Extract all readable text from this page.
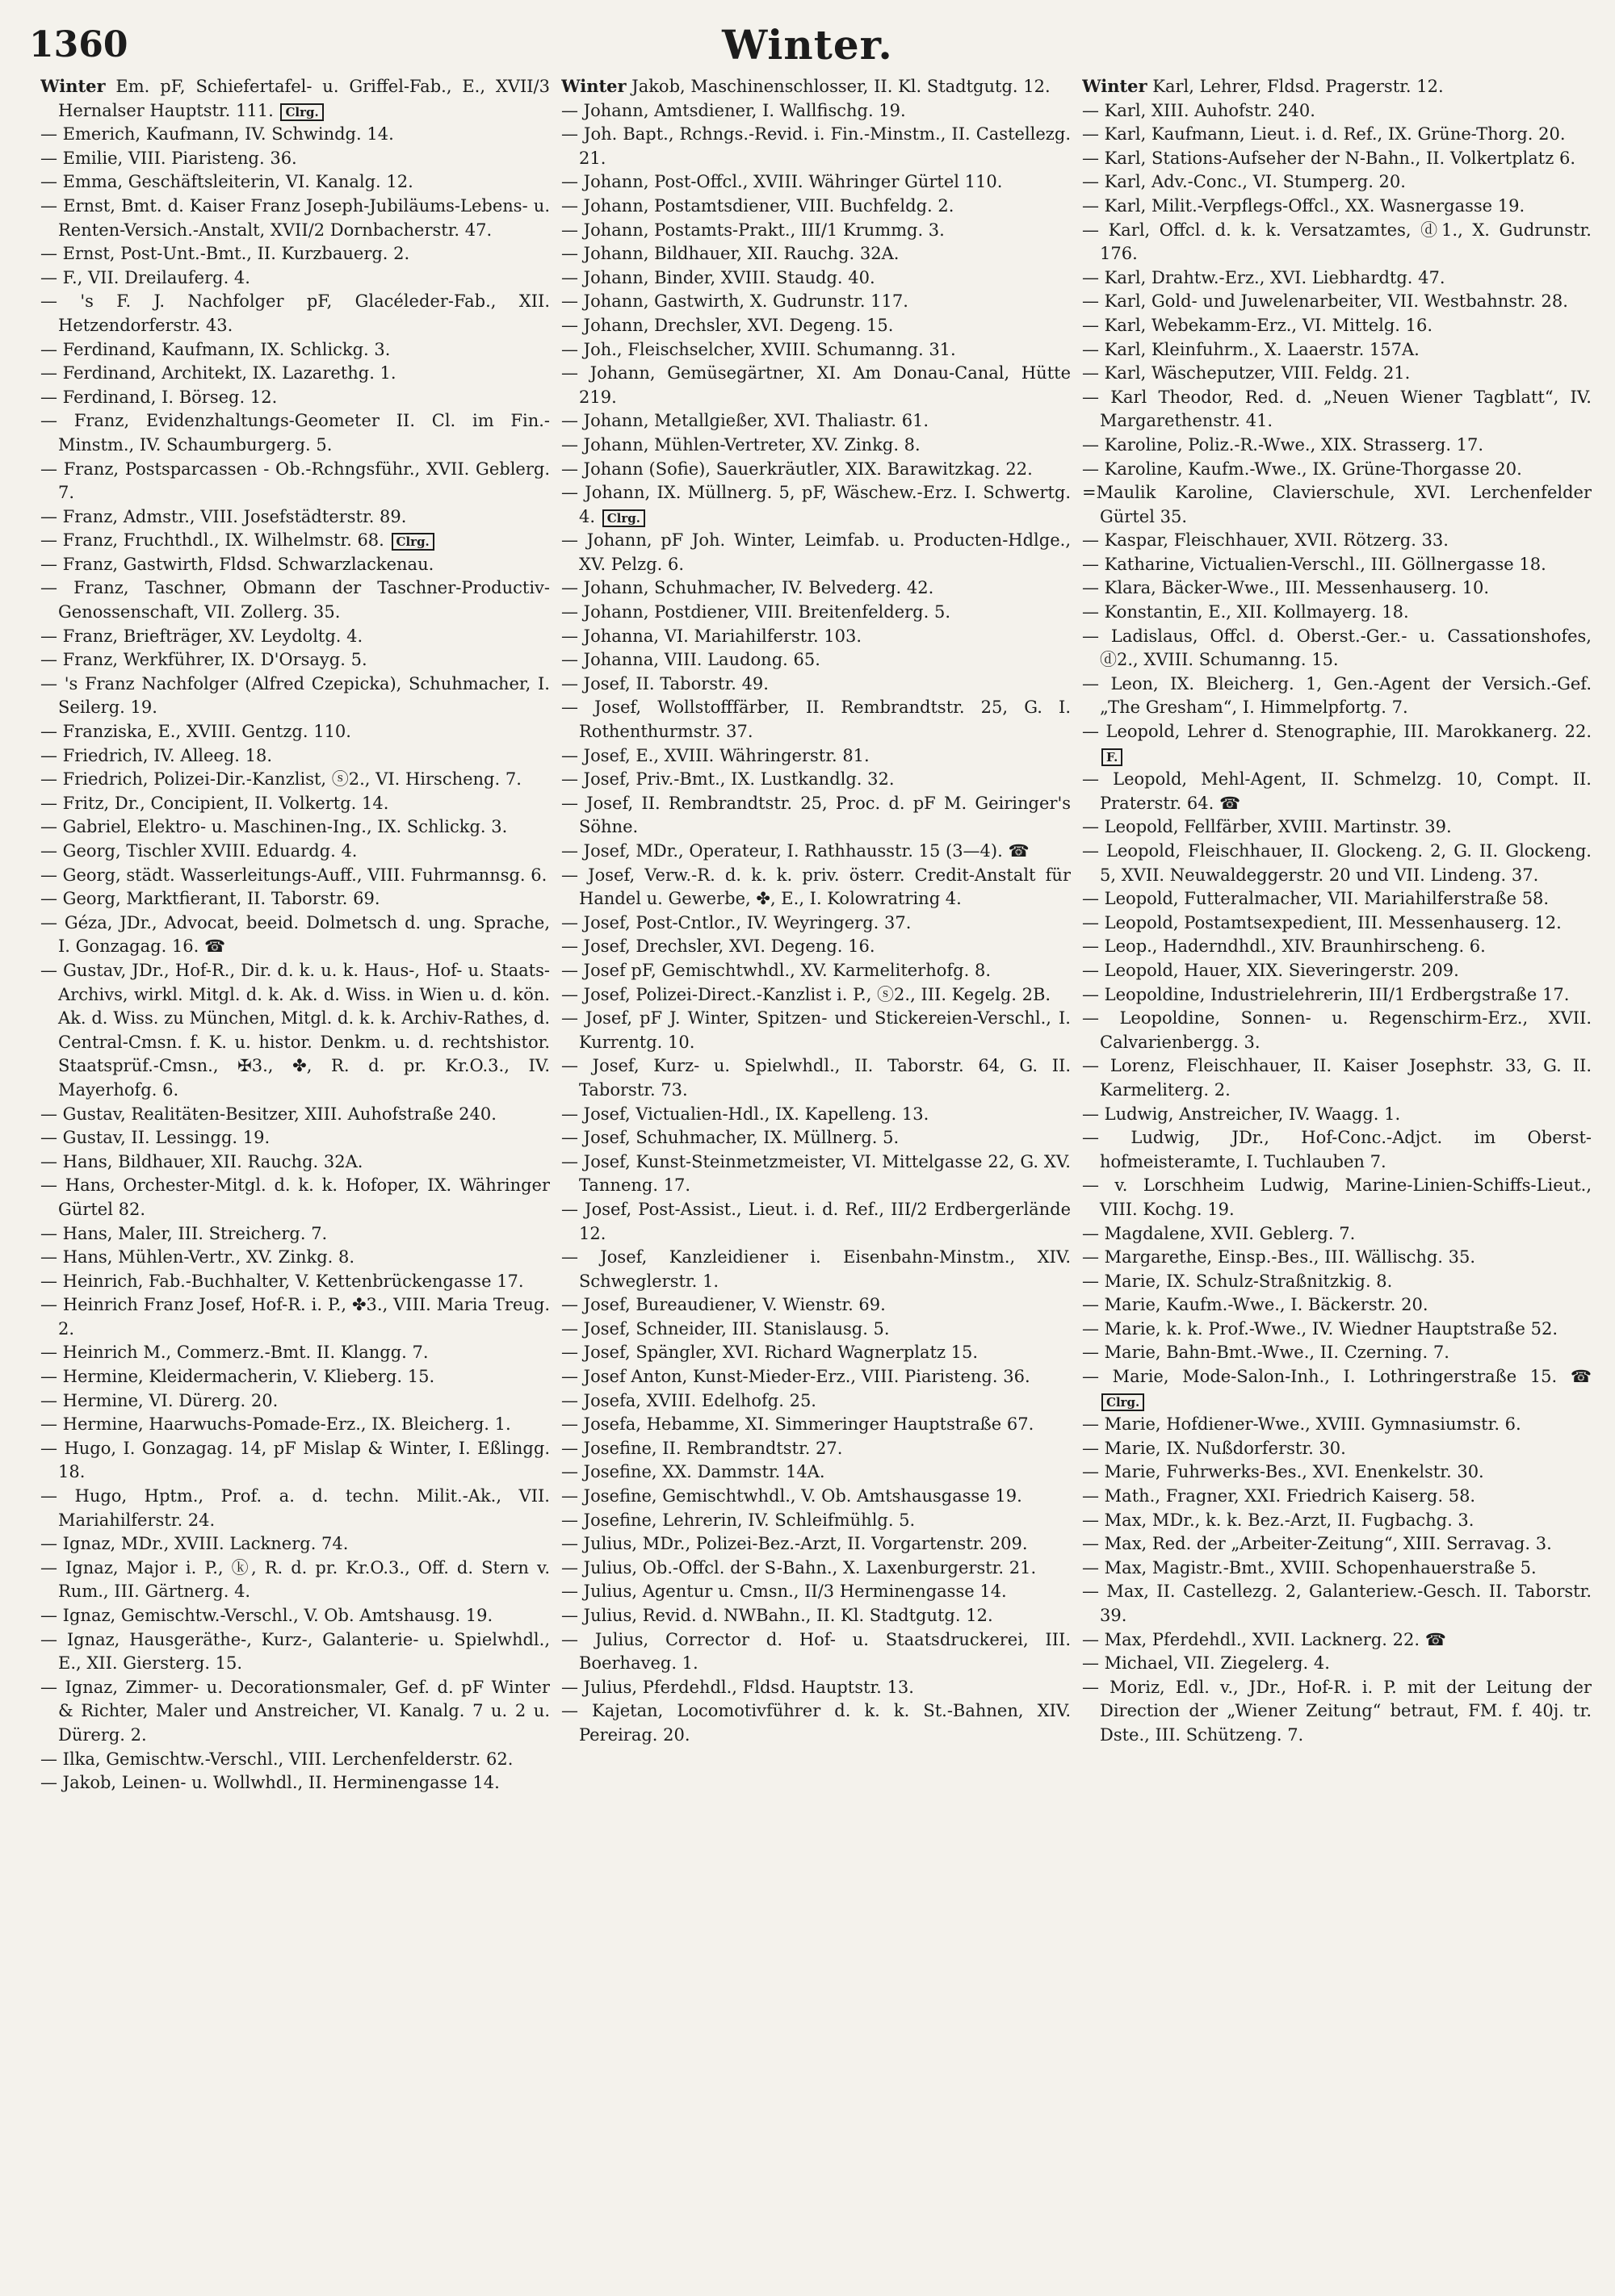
1360	Winter.

Winter Em. pF, Schiefertafel- u. Griffel-Fab., E., XVII/3 Hernalser Hauptstr. 111. Clrg.

— Emerich, Kaufmann, IV. Schwindg. 14.

— Emilie, VIII. Piaristeng. 36.

— Emma, Geschäftsleiterin, VI. Kanalg. 12.

— Ernst, Bmt. d. Kaiser Franz Joseph-Jubiläums-Lebens- u. Renten-Versich.-Anstalt, XVII/2 Dornbacherstr. 47.

— Ernst, Post-Unt.-Bmt., II. Kurzbauerg. 2.

— F., VII. Dreilauferg. 4.

— 's F. J. Nachfolger pF, Glacéleder-Fab., XII. Hetzendorferstr. 43.

— Ferdinand, Kaufmann, IX. Schlickg. 3.

— Ferdinand, Architekt, IX. Lazarethg. 1.

— Ferdinand, I. Börseg. 12.

— Franz, Evidenzhaltungs-Geometer II. Cl. im Fin.-Minstm., IV. Schaumburgerg. 5.

— Franz, Postsparcassen - Ob.-Rchngsführ., XVII. Geblerg. 7.

— Franz, Admstr., VIII. Josefstädterstr. 89.

— Franz, Fruchthdl., IX. Wilhelmstr. 68. Clrg.

— Franz, Gastwirth, Fldsd. Schwarzlackenau.

— Franz, Taschner, Obmann der Taschner-Productiv-Genossenschaft, VII. Zollerg. 35.

— Franz, Briefträger, XV. Leydoltg. 4.

— Franz, Werkführer, IX. D'Orsayg. 5.

— 's Franz Nachfolger (Alfred Czepicka), Schuhmacher, I. Seilerg. 19.

— Franziska, E., XVIII. Gentzg. 110.

— Friedrich, IV. Alleeg. 18.

— Friedrich, Polizei-Dir.-Kanzlist, ⓢ2., VI. Hirscheng. 7.

— Fritz, Dr., Concipient, II. Volkertg. 14.

— Gabriel, Elektro- u. Maschinen-Ing., IX. Schlickg. 3.

— Georg, Tischler XVIII. Eduardg. 4.

— Georg, städt. Wasserleitungs-Auff., VIII. Fuhrmannsg. 6.

— Georg, Marktfierant, II. Taborstr. 69.

— Géza, JDr., Advocat, beeid. Dolmetsch d. ung. Sprache, I. Gonzagag. 16. ☎

— Gustav, JDr., Hof-R., Dir. d. k. u. k. Haus-, Hof- u. Staats-Archivs, wirkl. Mitgl. d. k. Ak. d. Wiss. in Wien u. d. kön. Ak. d. Wiss. zu München, Mitgl. d. k. k. Archiv-Rathes, d. Central-Cmsn. f. K. u. histor. Denkm. u. d. rechtshistor. Staatsprüf.-Cmsn., ✠3., ✤, R. d. pr. Kr.O.3., IV. Mayerhofg. 6.

— Gustav, Realitäten-Besitzer, XIII. Auhofstraße 240.

— Gustav, II. Lessingg. 19.

— Hans, Bildhauer, XII. Rauchg. 32A.

— Hans, Orchester-Mitgl. d. k. k. Hofoper, IX. Währinger Gürtel 82.

— Hans, Maler, III. Streicherg. 7.

— Hans, Mühlen-Vertr., XV. Zinkg. 8.

— Heinrich, Fab.-Buchhalter, V. Kettenbrückengasse 17.

— Heinrich Franz Josef, Hof-R. i. P., ✤3., VIII. Maria Treug. 2.

— Heinrich M., Commerz.-Bmt. II. Klangg. 7.

— Hermine, Kleidermacherin, V. Klieberg. 15.

— Hermine, VI. Dürerg. 20.

— Hermine, Haarwuchs-Pomade-Erz., IX. Bleicherg. 1.

— Hugo, I. Gonzagag. 14, pF Mislap & Winter, I. Eßlingg. 18.

— Hugo, Hptm., Prof. a. d. techn. Milit.-Ak., VII. Mariahilferstr. 24.

— Ignaz, MDr., XVIII. Lacknerg. 74.

— Ignaz, Major i. P., ⓚ, R. d. pr. Kr.O.3., Off. d. Stern v. Rum., III. Gärtnerg. 4.

— Ignaz, Gemischtw.-Verschl., V. Ob. Amtshausg. 19.

— Ignaz, Hausgeräthe-, Kurz-, Galanterie- u. Spielwhdl., E., XII. Giersterg. 15.

— Ignaz, Zimmer- u. Decorationsmaler, Gef. d. pF Winter & Richter, Maler und Anstreicher, VI. Kanalg. 7 u. 2 u. Dürerg. 2.

— Ilka, Gemischtw.-Verschl., VIII. Lerchenfelderstr. 62.

— Jakob, Leinen- u. Wollwhdl., II. Herminengasse 14.

Winter Jakob, Maschinenschlosser, II. Kl. Stadtgutg. 12.

— Johann, Amtsdiener, I. Wallfischg. 19.

— Joh. Bapt., Rchngs.-Revid. i. Fin.-Minstm., II. Castellezg. 21.

— Johann, Post-Offcl., XVIII. Währinger Gürtel 110.

— Johann, Postamtsdiener, VIII. Buchfeldg. 2.

— Johann, Postamts-Prakt., III/1 Krummg. 3.

— Johann, Bildhauer, XII. Rauchg. 32A.

— Johann, Binder, XVIII. Staudg. 40.

— Johann, Gastwirth, X. Gudrunstr. 117.

— Johann, Drechsler, XVI. Degeng. 15.

— Joh., Fleischselcher, XVIII. Schumanng. 31.

— Johann, Gemüsegärtner, XI. Am Donau-Canal, Hütte 219.

— Johann, Metallgießer, XVI. Thaliastr. 61.

— Johann, Mühlen-Vertreter, XV. Zinkg. 8.

— Johann (Sofie), Sauerkräutler, XIX. Barawitzkag. 22.

— Johann, IX. Müllnerg. 5, pF, Wäschew.-Erz. I. Schwertg. 4. Clrg.

— Johann, pF Joh. Winter, Leimfab. u. Producten-Hdlge., XV. Pelzg. 6.

— Johann, Schuhmacher, IV. Belvederg. 42.

— Johann, Postdiener, VIII. Breitenfelderg. 5.

— Johanna, VI. Mariahilferstr. 103.

— Johanna, VIII. Laudong. 65.

— Josef, II. Taborstr. 49.

— Josef, Wollstofffärber, II. Rembrandtstr. 25, G. I. Rothenthurmstr. 37.

— Josef, E., XVIII. Währingerstr. 81.

— Josef, Priv.-Bmt., IX. Lustkandlg. 32.

— Josef, II. Rembrandtstr. 25, Proc. d. pF M. Geiringer's Söhne.

— Josef, MDr., Operateur, I. Rathhausstr. 15 (3—4). ☎

— Josef, Verw.-R. d. k. k. priv. österr. Credit-Anstalt für Handel u. Gewerbe, ✤, E., I. Kolowratring 4.

— Josef, Post-Cntlor., IV. Weyringerg. 37.

— Josef, Drechsler, XVI. Degeng. 16.

— Josef pF, Gemischtwhdl., XV. Karmeliterhofg. 8.

— Josef, Polizei-Direct.-Kanzlist i. P., ⓢ2., III. Kegelg. 2B.

— Josef, pF J. Winter, Spitzen- und Stickereien-Verschl., I. Kurrentg. 10.

— Josef, Kurz- u. Spielwhdl., II. Taborstr. 64, G. II. Taborstr. 73.

— Josef, Victualien-Hdl., IX. Kapelleng. 13.

— Josef, Schuhmacher, IX. Müllnerg. 5.

— Josef, Kunst-Steinmetzmeister, VI. Mittelgasse 22, G. XV. Tanneng. 17.

— Josef, Post-Assist., Lieut. i. d. Ref., III/2 Erdbergerlände 12.

— Josef, Kanzleidiener i. Eisenbahn-Minstm., XIV. Schweglerstr. 1.

— Josef, Bureaudiener, V. Wienstr. 69.

— Josef, Schneider, III. Stanislausg. 5.

— Josef, Spängler, XVI. Richard Wagnerplatz 15.

— Josef Anton, Kunst-Mieder-Erz., VIII. Piaristeng. 36.

— Josefa, XVIII. Edelhofg. 25.

— Josefa, Hebamme, XI. Simmeringer Hauptstraße 67.

— Josefine, II. Rembrandtstr. 27.

— Josefine, XX. Dammstr. 14A.

— Josefine, Gemischtwhdl., V. Ob. Amtshausgasse 19.

— Josefine, Lehrerin, IV. Schleifmühlg. 5.

— Julius, MDr., Polizei-Bez.-Arzt, II. Vorgartenstr. 209.

— Julius, Ob.-Offcl. der S-Bahn., X. Laxenburgerstr. 21.

— Julius, Agentur u. Cmsn., II/3 Herminengasse 14.

— Julius, Revid. d. NWBahn., II. Kl. Stadtgutg. 12.

— Julius, Corrector d. Hof- u. Staatsdruckerei, III. Boerhaveg. 1.

— Julius, Pferdehdl., Fldsd. Hauptstr. 13.

— Kajetan, Locomotivführer d. k. k. St.-Bahnen, XIV. Pereirag. 20.

Winter Karl, Lehrer, Fldsd. Pragerstr. 12.

— Karl, XIII. Auhofstr. 240.

— Karl, Kaufmann, Lieut. i. d. Ref., IX. Grüne-Thorg. 20.

— Karl, Stations-Aufseher der N-Bahn., II. Volkertplatz 6.

— Karl, Adv.-Conc., VI. Stumperg. 20.

— Karl, Milit.-Verpflegs-Offcl., XX. Wasnergasse 19.

— Karl, Offcl. d. k. k. Versatzamtes, ⓓ1., X. Gudrunstr. 176.

— Karl, Drahtw.-Erz., XVI. Liebhardtg. 47.

— Karl, Gold- und Juwelenarbeiter, VII. Westbahnstr. 28.

— Karl, Webekamm-Erz., VI. Mittelg. 16.

— Karl, Kleinfuhrm., X. Laaerstr. 157A.

— Karl, Wäscheputzer, VIII. Feldg. 21.

— Karl Theodor, Red. d. „Neuen Wiener Tagblatt“, IV. Margarethenstr. 41.

— Karoline, Poliz.-R.-Wwe., XIX. Strasserg. 17.

— Karoline, Kaufm.-Wwe., IX. Grüne-Thorgasse 20.

=Maulik Karoline, Clavierschule, XVI. Lerchenfelder Gürtel 35.

— Kaspar, Fleischhauer, XVII. Rötzerg. 33.

— Katharine, Victualien-Verschl., III. Göllnergasse 18.

— Klara, Bäcker-Wwe., III. Messenhauserg. 10.

— Konstantin, E., XII. Kollmayerg. 18.

— Ladislaus, Offcl. d. Oberst.-Ger.- u. Cassationshofes, ⓓ2., XVIII. Schumanng. 15.

— Leon, IX. Bleicherg. 1, Gen.-Agent der Versich.-Gef. „The Gresham“, I. Himmelpfortg. 7.

— Leopold, Lehrer d. Stenographie, III. Marokkanerg. 22. F.

— Leopold, Mehl-Agent, II. Schmelzg. 10, Compt. II. Praterstr. 64. ☎

— Leopold, Fellfärber, XVIII. Martinstr. 39.

— Leopold, Fleischhauer, II. Glockeng. 2, G. II. Glockeng. 5, XVII. Neuwaldeggerstr. 20 und VII. Lindeng. 37.

— Leopold, Futteralmacher, VII. Mariahilferstraße 58.

— Leopold, Postamtsexpedient, III. Messenhauserg. 12.

— Leop., Haderndhdl., XIV. Braunhirscheng. 6.

— Leopold, Hauer, XIX. Sieveringerstr. 209.

— Leopoldine, Industrielehrerin, III/1 Erdbergstraße 17.

— Leopoldine, Sonnen- u. Regenschirm-Erz., XVII. Calvarienbergg. 3.

— Lorenz, Fleischhauer, II. Kaiser Josephstr. 33, G. II. Karmeliterg. 2.

— Ludwig, Anstreicher, IV. Waagg. 1.

— Ludwig, JDr., Hof-Conc.-Adjct. im Oberst-hofmeisteramte, I. Tuchlauben 7.

— v. Lorschheim Ludwig, Marine-Linien-Schiffs-Lieut., VIII. Kochg. 19.

— Magdalene, XVII. Geblerg. 7.

— Margarethe, Einsp.-Bes., III. Wällischg. 35.

— Marie, IX. Schulz-Straßnitzkig. 8.

— Marie, Kaufm.-Wwe., I. Bäckerstr. 20.

— Marie, k. k. Prof.-Wwe., IV. Wiedner Hauptstraße 52.

— Marie, Bahn-Bmt.-Wwe., II. Czerning. 7.

— Marie, Mode-Salon-Inh., I. Lothringerstraße 15. ☎ Clrg.

— Marie, Hofdiener-Wwe., XVIII. Gymnasiumstr. 6.

— Marie, IX. Nußdorferstr. 30.

— Marie, Fuhrwerks-Bes., XVI. Enenkelstr. 30.

— Math., Fragner, XXI. Friedrich Kaiserg. 58.

— Max, MDr., k. k. Bez.-Arzt, II. Fugbachg. 3.

— Max, Red. der „Arbeiter-Zeitung“, XIII. Serravag. 3.

— Max, Magistr.-Bmt., XVIII. Schopenhauerstraße 5.

— Max, II. Castellezg. 2, Galanteriew.-Gesch. II. Taborstr. 39.

— Max, Pferdehdl., XVII. Lacknerg. 22. ☎

— Michael, VII. Ziegelerg. 4.

— Moriz, Edl. v., JDr., Hof-R. i. P. mit der Leitung der Direction der „Wiener Zeitung“ betraut, FM. f. 40j. tr. Dste., III. Schützeng. 7.
